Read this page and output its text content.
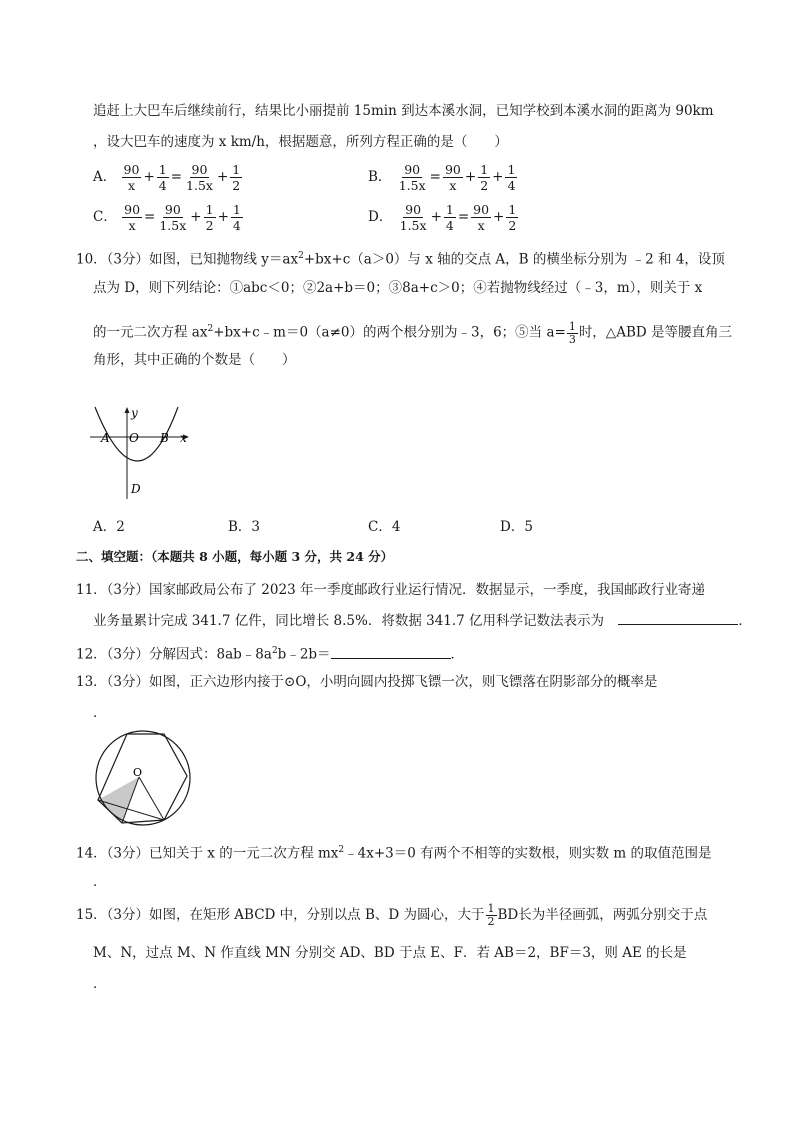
追赶上大巴车后继续前行，结果比小丽提前 15min 到达本溪水洞，已知学校到本溪水洞的距离为 90km
，设大巴车的速度为 x km/h，根据题意，所列方程正确的是（　　）
A． $\frac{90}{x} + \frac{1}{4} = \frac{90}{1.5x} + \frac{1}{2}$	B． $\frac{90}{1.5x} = \frac{90}{x} + \frac{1}{2} + \frac{1}{4}$
C． $\frac{90}{x} = \frac{90}{1.5x} + \frac{1}{2} + \frac{1}{4}$	D． $\frac{90}{1.5x} + \frac{1}{4} = \frac{90}{x} + \frac{1}{2}$
10．（3分）如图，已知抛物线 $y=ax^2+bx+c(a>0)$与 x 轴的交点 A，B 的横坐标分别为 ﹣2 和 4，设顶
点为 D，则下列结论：①abc＜0；②2a+b＝0；③8a+c＞0；④若抛物线经过（﹣3，m），则关于 x
的一元二次方程 $ax^2+bx+c﹣m=0(a\ne 0)$的两个根分别为﹣3，6；⑤当 $a= \frac{1}{3}$ 时，△ABD 是等腰直角三
角形，其中正确的个数是（　　）
y
x
A O B
D
A．2	B．3	C．4	D．5
二、填空题：（本题共 8 小题，每小题 3 分，共 24 分）
11．（3分）国家邮政局公布了 2023 年一季度邮政行业运行情况．数据显示，一季度，我国邮政行业寄递
业务量累计完成 341.7 亿件，同比增长 8.5%．将数据 341.7 亿用科学记数法表示为	．
12．（3分）分解因式：$8ab﹣8a^2b﹣2b=$	．
13．（3分）如图，正六边形内接于⊙O，小明向圆内投掷飞镖一次，则飞镖落在阴影部分的概率是
．
O
14．（3分）已知关于 x 的一元二次方程 $mx^2﹣4x+3=0$ 有两个不相等的实数根，则实数 m 的取值范围是
．
15．（3分）如图，在矩形 ABCD 中，分别以点 B、D 为圆心，大于 $\frac{1}{2}$ BD长为半径画弧，两弧分别交于点
M、N，过点 M、N 作直线 MN 分别交 AD、BD 于点 E、F．若 AB＝2，BF＝3，则 AE 的长是
．
